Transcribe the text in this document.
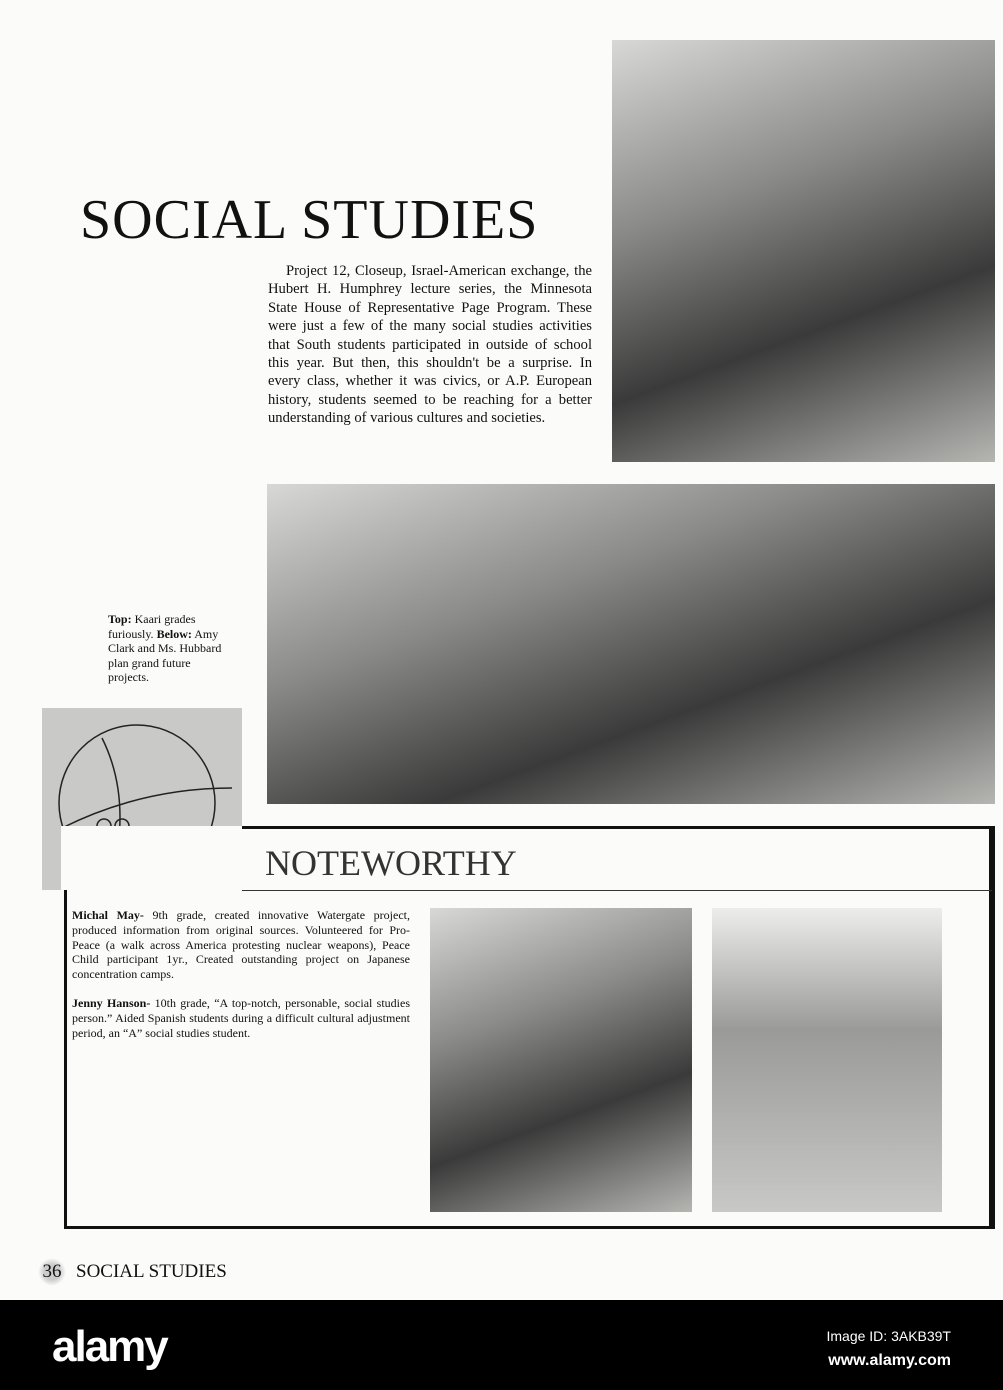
SOCIAL STUDIES
Project 12, Closeup, Israel-American exchange, the Hubert H. Humphrey lecture series, the Minnesota State House of Representative Page Program. These were just a few of the many social studies activities that South students participated in outside of school this year. But then, this shouldn't be a surprise. In every class, whether it was civics, or A.P. European history, students seemed to be reaching for a better understanding of various cultures and societies.
Top: Kaari grades furiously. Below: Amy Clark and Ms. Hubbard plan grand future projects.
NOTEWORTHY

Michal May- 9th grade, created innovative Watergate project, produced information from original sources. Volunteered for Pro-Peace (a walk across America protesting nuclear weapons), Peace Child participant 1yr., Created outstanding project on Japanese concentration camps.

Jenny Hanson- 10th grade, “A top-notch, personable, social studies person.” Aided Spanish students during a difficult cultural adjustment period, an “A” social studies student.

36 SOCIAL STUDIES
alamy	Image ID: 3AKB39T
www.alamy.com
